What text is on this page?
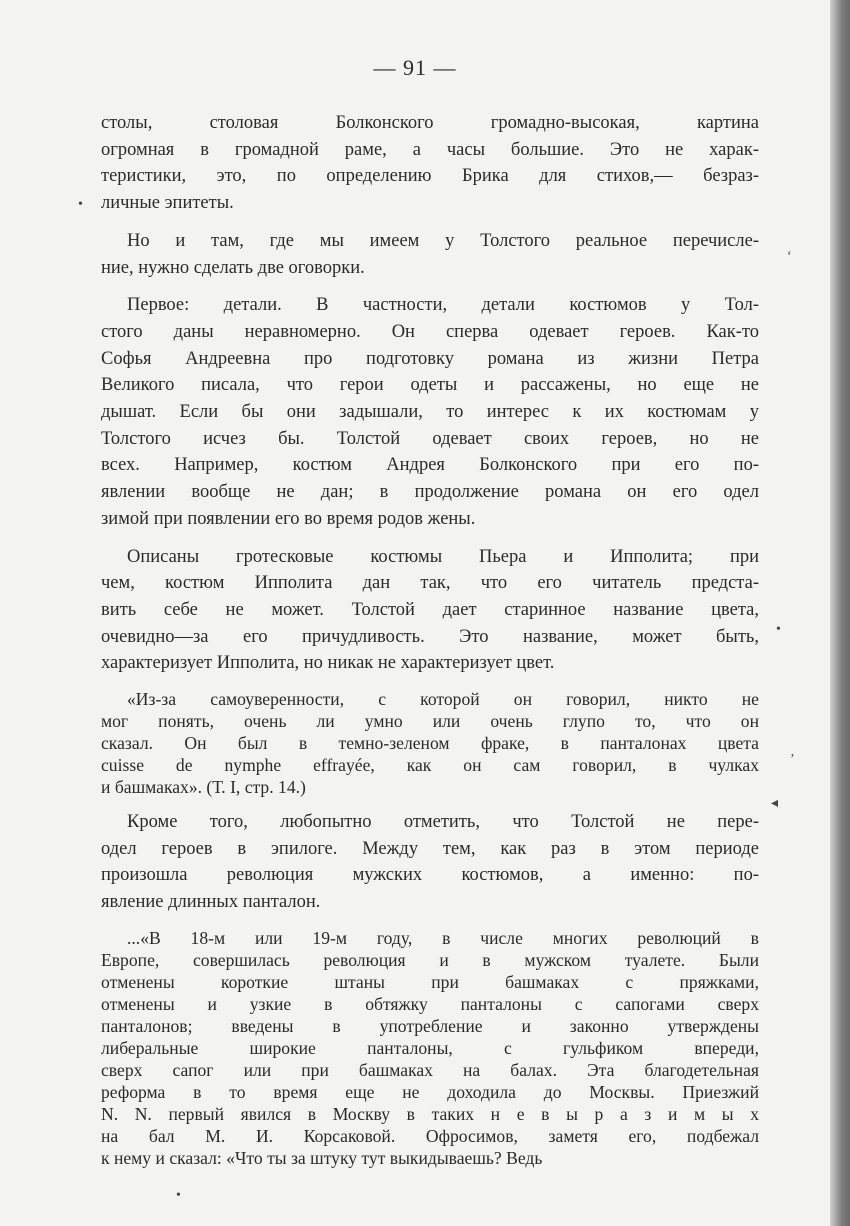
— 91 —
столы, столовая Болконского громадно-высокая, картина
огромная в громадной раме, а часы большие. Это не харак-
теристики, это, по определению Брика для стихов,— безраз-
личные эпитеты.
Но и там, где мы имеем у Толстого реальное перечисле-
ние, нужно сделать две оговорки.
Первое: детали. В частности, детали костюмов у Тол-
стого даны неравномерно. Он сперва одевает героев. Как-то
Софья Андреевна про подготовку романа из жизни Петра
Великого писала, что герои одеты и рассажены, но еще не
дышат. Если бы они задышали, то интерес к их костюмам у
Толстого исчез бы. Толстой одевает своих героев, но не
всех. Например, костюм Андрея Болконского при его по-
явлении вообще не дан; в продолжение романа он его одел
зимой при появлении его во время родов жены.
Описаны гротесковые костюмы Пьера и Ипполита; при
чем, костюм Ипполита дан так, что его читатель предста-
вить себе не может. Толстой дает старинное название цвета,
очевидно—за его причудливость. Это название, может быть,
характеризует Ипполита, но никак не характеризует цвет.
«Из-за самоуверенности, с которой он говорил, никто не
мог понять, очень ли умно или очень глупо то, что он
сказал. Он был в темно-зеленом фраке, в панталонах цвета
cuisse de nymphe effrayée, как он сам говорил, в чулках
и башмаках». (Т. I, стр. 14.)
Кроме того, любопытно отметить, что Толстой не пере-
одел героев в эпилоге. Между тем, как раз в этом периоде
произошла революция мужских костюмов, а именно: по-
явление длинных панталон.
...«В 18-м или 19-м году, в числе многих революций в
Европе, совершилась революция и в мужском туалете. Были
отменены короткие штаны при башмаках с пряжками,
отменены и узкие в обтяжку панталоны с сапогами сверх
панталонов; введены в употребление и законно утверждены
либеральные широкие панталоны, с гульфиком впереди,
сверх сапог или при башмаках на балах. Эта благодетельная
реформа в то время еще не доходила до Москвы. Приезжий
N. N. первый явился в Москву в таких н е в ы р а з и м ы х
на бал М. И. Корсаковой. Офросимов, заметя его, подбежал
к нему и сказал: «Что ты за штуку тут выкидываешь? Ведь
•
‘
•
’
◂
•
